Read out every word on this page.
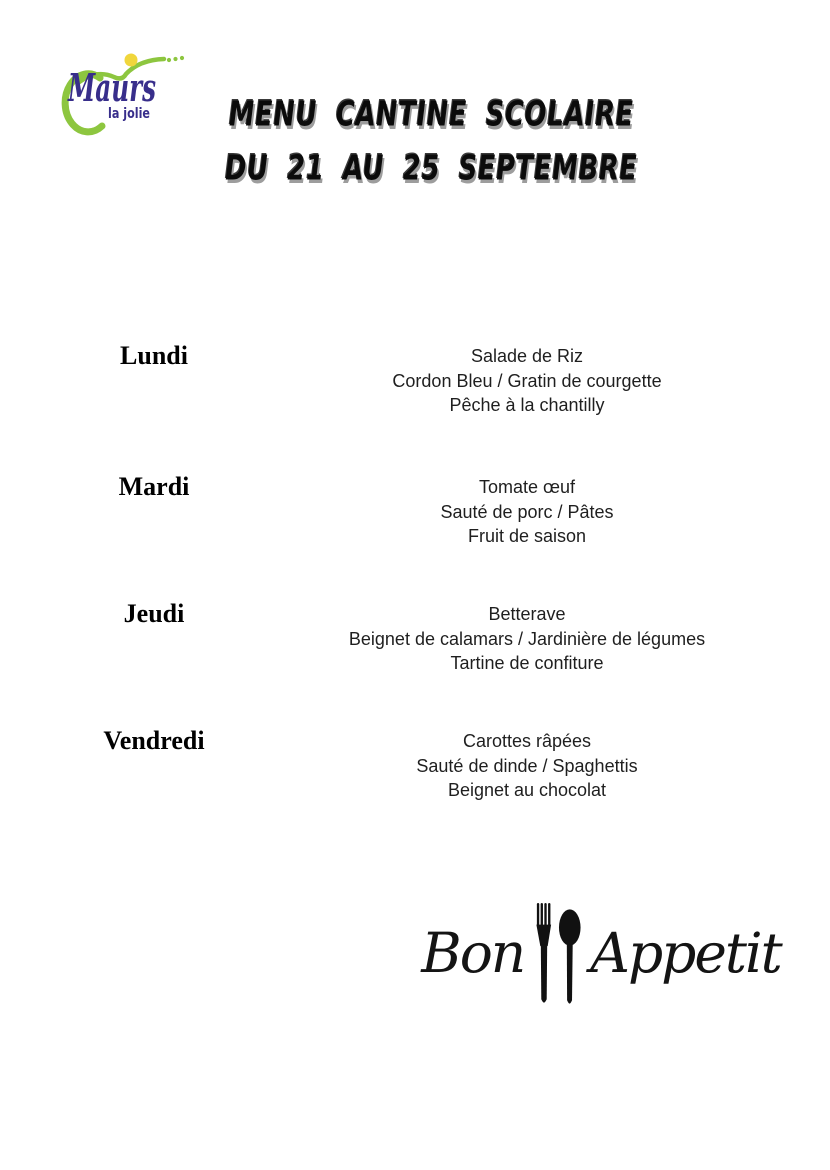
Maurs
la jolie	MENU CANTINE SCOLAIRE
DU 21 AU 25 SEPTEMBRE
Lundi	Salade de Riz
Cordon Bleu / Gratin de courgette
Pêche à la chantilly
Mardi	Tomate œuf
Sauté de porc / Pâtes
Fruit de saison
Jeudi	Betterave
Beignet de calamars / Jardinière de légumes
Tartine de confiture
Vendredi	Carottes râpées
Sauté de dinde / Spaghettis
Beignet au chocolat
Bon Appetit
